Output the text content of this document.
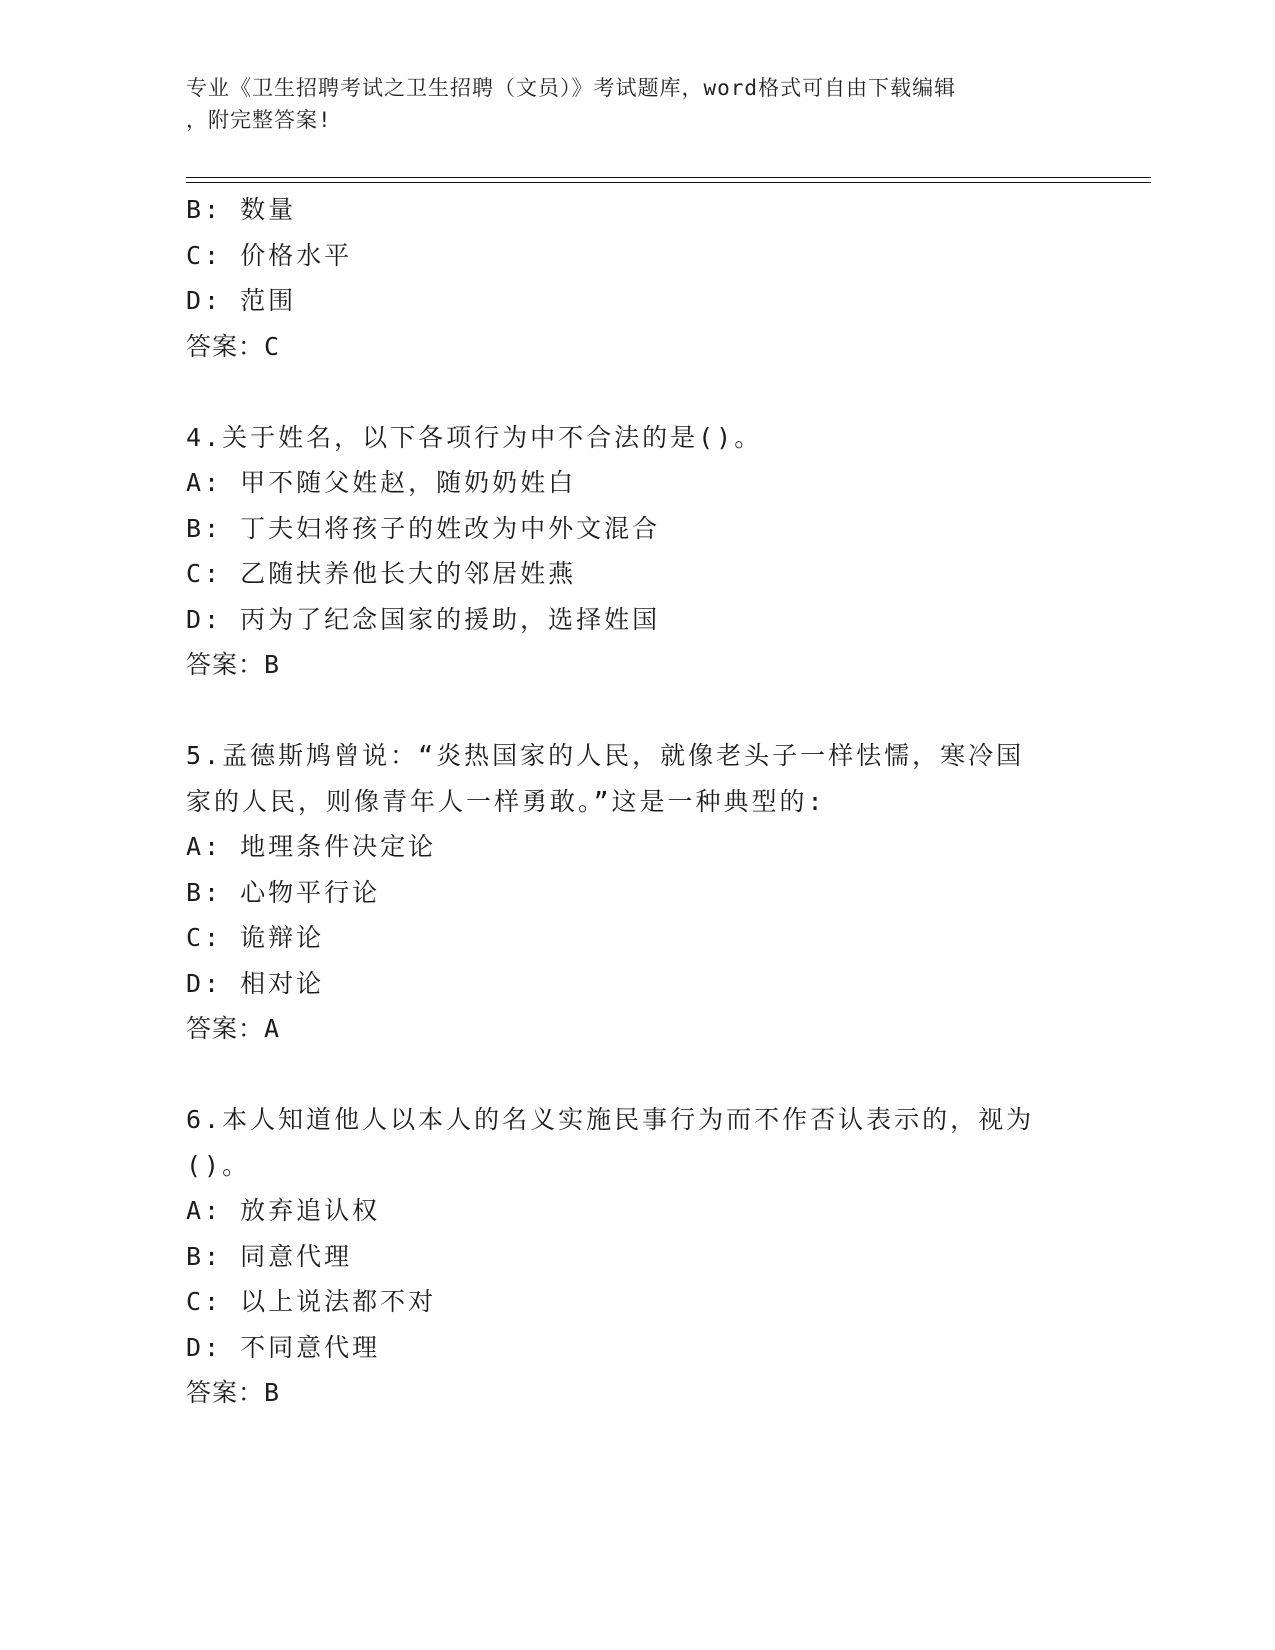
专业《卫生招聘考试之卫生招聘（文员）》考试题库，word格式可自由下载编辑
，附完整答案!
B: 数量
C: 价格水平
D: 范围
答案：C
4.关于姓名，以下各项行为中不合法的是()。
A: 甲不随父姓赵，随奶奶姓白
B: 丁夫妇将孩子的姓改为中外文混合
C: 乙随扶养他长大的邻居姓燕
D: 丙为了纪念国家的援助，选择姓国
答案：B
5.孟德斯鸠曾说：“炎热国家的人民，就像老头子一样怯懦，寒冷国
家的人民，则像青年人一样勇敢。”这是一种典型的:
A: 地理条件决定论
B: 心物平行论
C: 诡辩论
D: 相对论
答案：A
6.本人知道他人以本人的名义实施民事行为而不作否认表示的，视为
()。
A: 放弃追认权
B: 同意代理
C: 以上说法都不对
D: 不同意代理
答案：B
